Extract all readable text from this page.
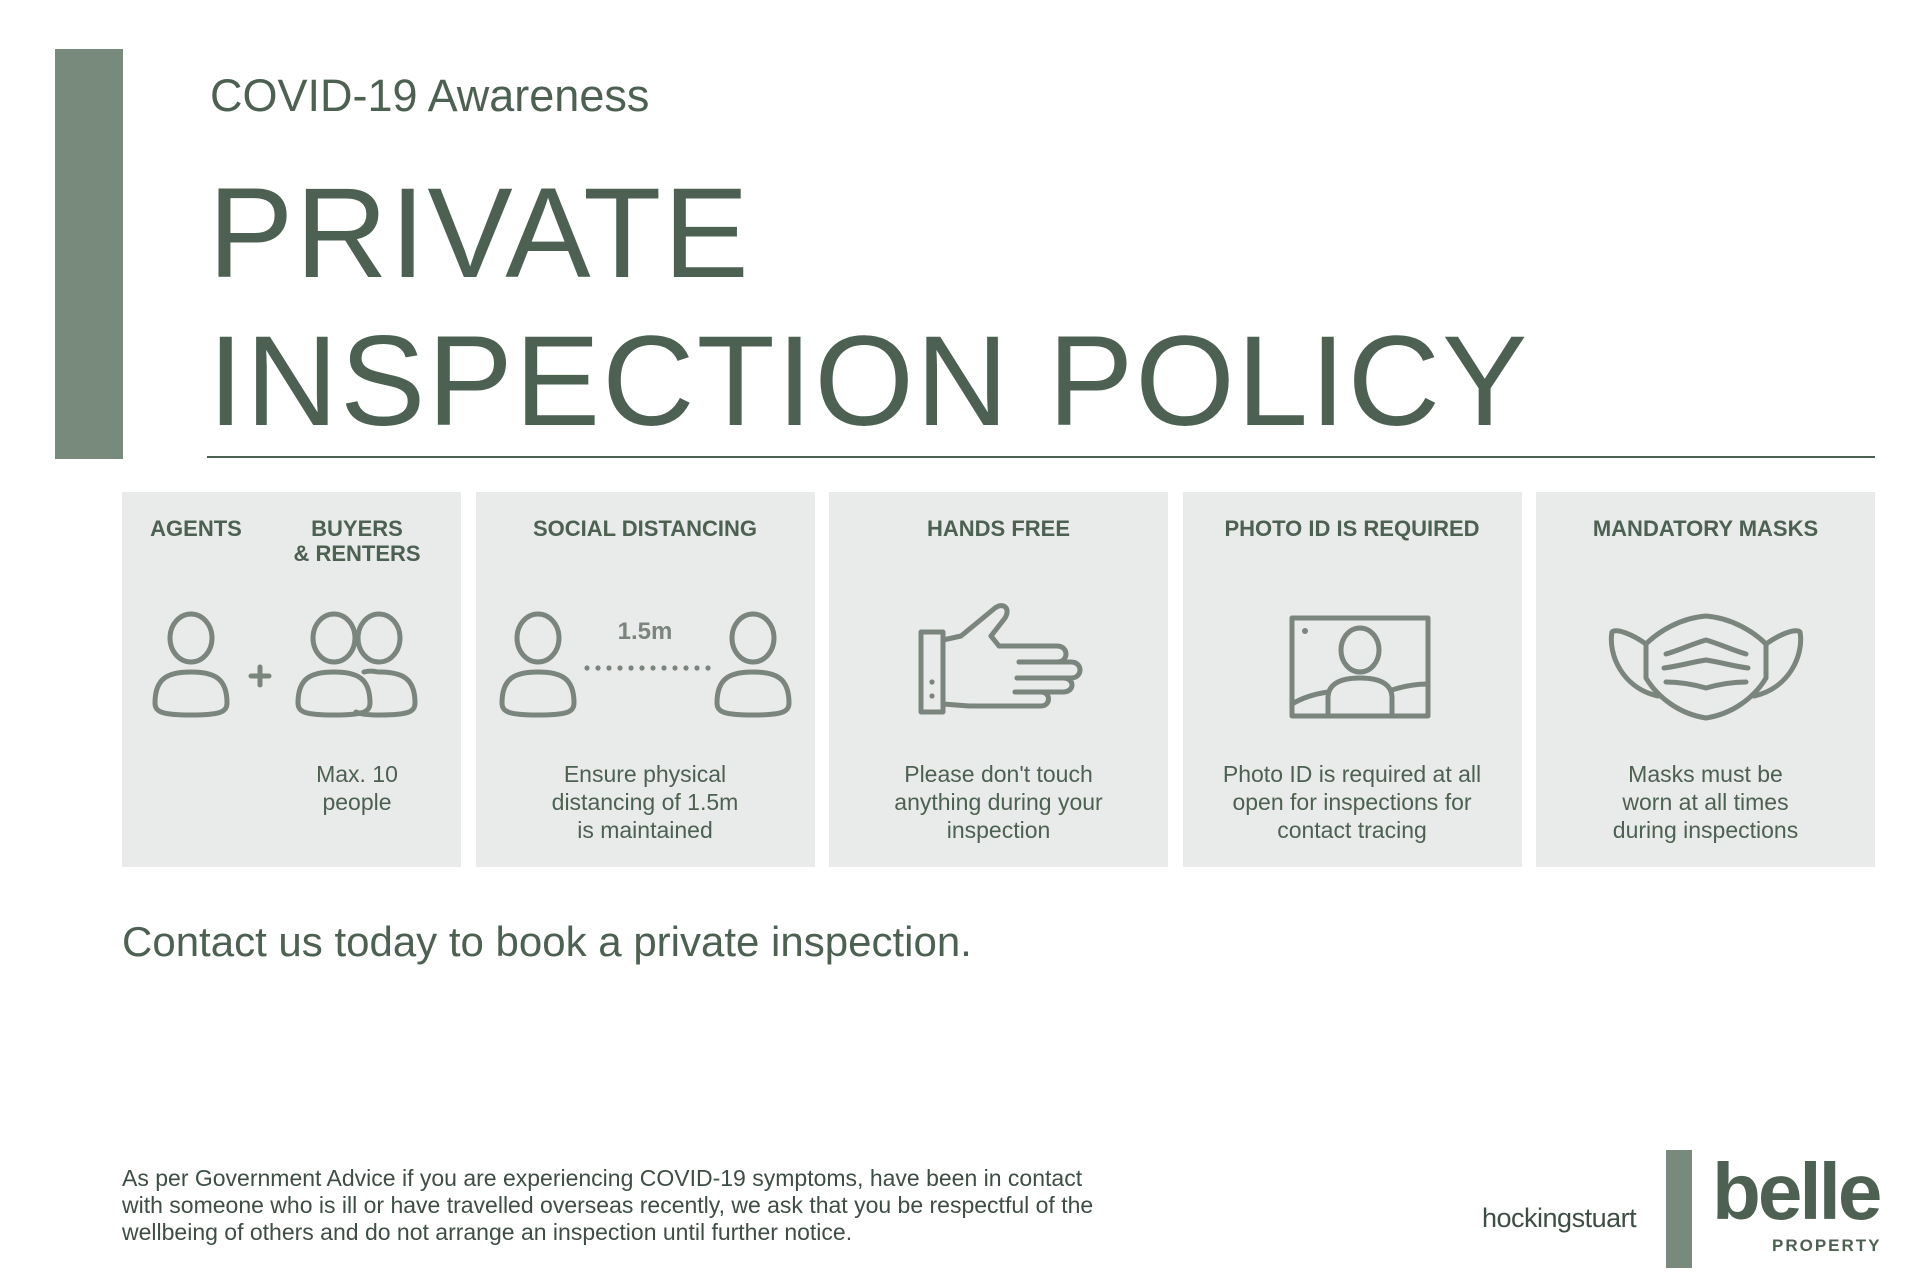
COVID-19 Awareness
PRIVATE
INSPECTION POLICY
AGENTS	BUYERS
& RENTERS
Max. 10
people
SOCIAL DISTANCING
1.5m
Ensure physical
distancing of 1.5m
is maintained
HANDS FREE
Please don't touch
anything during your
inspection
PHOTO ID IS REQUIRED
Photo ID is required at all
open for inspections for
contact tracing
MANDATORY MASKS
Masks must be
worn at all times
during inspections
Contact us today to book a private inspection.
As per Government Advice if you are experiencing COVID-19 symptoms, have been in contact
with someone who is ill or have travelled overseas recently, we ask that you be respectful of the
wellbeing of others and do not arrange an inspection until further notice.	hockingstuart belle
PROPERTY
